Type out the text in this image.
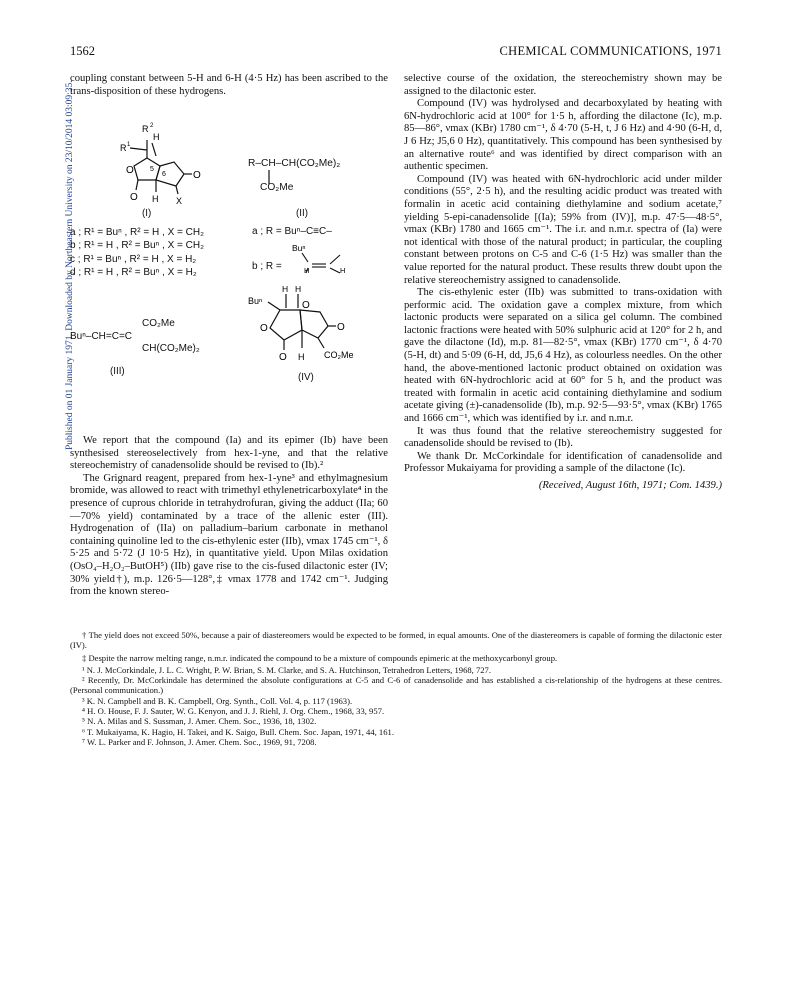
1562	CHEMICAL COMMUNICATIONS, 1971
Published on 01 January 1971. Downloaded by Northeastern University on 23/10/2014 03:09:35.
coupling constant between 5-H and 6-H (4·5 Hz) has been ascribed to the trans-disposition of these hydrogens.
R 2
H
R 1
O 5
6	O
O H X
(I)
R–CH–CH(CO₂Me)₂
CO₂Me
(II)
a ; R¹ = Buⁿ , R² = H , X = CH₂
b ; R¹ = H , R² = Buⁿ , X = CH₂
c ; R¹ = Buⁿ , R² = H , X = H₂
d ; R¹ = H , R² = Buⁿ , X = H₂
a ; R = Buⁿ–C≡C–
b ; R =
Buⁿ
H	H
Buⁿ–CH=C=C
CO₂Me
CH(CO₂Me)₂
(III)
Buⁿ
H H
O
O
O
O H CO₂Me
(IV)

We report that the compound (Ia) and its epimer (Ib) have been synthesised stereoselectively from hex-1-yne, and that the relative stereochemistry of canadensolide should be revised to (Ib).²

The Grignard reagent, prepared from hex-1-yne³ and ethylmagnesium bromide, was allowed to react with trimethyl ethylenetricarboxylate⁴ in the presence of cuprous chloride in tetrahydrofuran, giving the adduct (IIa; 60—70% yield) contaminated by a trace of the allenic ester (III). Hydrogenation of (IIa) on palladium–barium carbonate in methanol containing quinoline led to the cis-ethylenic ester (IIb), νmax 1745 cm⁻¹, δ 5·25 and 5·72 (J 10·5 Hz), in quantitative yield. Upon Milas oxidation (OsO₄–H₂O₂–ButOH⁵) (IIb) gave rise to the cis-fused dilactonic ester (IV; 30% yield†), m.p. 126·5—128°,‡ νmax 1778 and 1742 cm⁻¹. Judging from the known stereo-

selective course of the oxidation, the stereochemistry shown may be assigned to the dilactonic ester.

Compound (IV) was hydrolysed and decarboxylated by heating with 6N-hydrochloric acid at 100° for 1·5 h, affording the dilactone (Ic), m.p. 85—86°, νmax (KBr) 1780 cm⁻¹, δ 4·70 (5-H, t, J 6 Hz) and 4·90 (6-H, d, J 6 Hz; J5,6 0 Hz), quantitatively. This compound has been synthesised by an alternative route⁶ and was identified by direct comparison with an authentic specimen.

Compound (IV) was heated with 6N-hydrochloric acid under milder conditions (55°, 2·5 h), and the resulting acidic product was treated with formalin in acetic acid containing diethylamine and sodium acetate,⁷ yielding 5-epi-canadensolide [(Ia); 59% from (IV)], m.p. 47·5—48·5°, νmax (KBr) 1780 and 1665 cm⁻¹. The i.r. and n.m.r. spectra of (Ia) were not identical with those of the natural product; in particular, the coupling constant between protons on C-5 and C-6 (1·5 Hz) was smaller than the value reported for the natural product. These results threw doubt upon the relative stereochemistry assigned to canadensolide.

The cis-ethylenic ester (IIb) was submitted to trans-oxidation with performic acid. The oxidation gave a complex mixture, from which lactonic products were separated on a silica gel column. The combined lactonic fractions were heated with 50% sulphuric acid at 120° for 2 h, and gave the dilactone (Id), m.p. 81—82·5°, νmax (KBr) 1770 cm⁻¹, δ 4·70 (5-H, dt) and 5·09 (6-H, dd, J5,6 4 Hz), as colourless needles. On the other hand, the above-mentioned lactonic product obtained on oxidation was heated with 6N-hydrochloric acid at 60° for 5 h, and the product was treated with formalin in acetic acid containing diethylamine and sodium acetate giving (±)-canadensolide (Ib), m.p. 92·5—93·5°, νmax (KBr) 1765 and 1666 cm⁻¹, which was identified by i.r. and n.m.r.

It was thus found that the relative stereochemistry suggested for canadensolide should be revised to (Ib).

We thank Dr. McCorkindale for identification of canadensolide and Professor Mukaiyama for providing a sample of the dilactone (Ic).

(Received, August 16th, 1971; Com. 1439.)

† The yield does not exceed 50%, because a pair of diastereomers would be expected to be formed, in equal amounts. One of the diastereomers is capable of forming the dilactonic ester (IV).

‡ Despite the narrow melting range, n.m.r. indicated the compound to be a mixture of compounds epimeric at the methoxycarbonyl group.

¹ N. J. McCorkindale, J. L. C. Wright, P. W. Brian, S. M. Clarke, and S. A. Hutchinson, Tetrahedron Letters, 1968, 727.

² Recently, Dr. McCorkindale has determined the absolute configurations at C-5 and C-6 of canadensolide and has established a cis-relationship of the hydrogens at these centres. (Personal communication.)

³ K. N. Campbell and B. K. Campbell, Org. Synth., Coll. Vol. 4, p. 117 (1963).

⁴ H. O. House, F. J. Sauter, W. G. Kenyon, and J. J. Riehl, J. Org. Chem., 1968, 33, 957.

⁵ N. A. Milas and S. Sussman, J. Amer. Chem. Soc., 1936, 18, 1302.

⁶ T. Mukaiyama, K. Hagio, H. Takei, and K. Saigo, Bull. Chem. Soc. Japan, 1971, 44, 161.

⁷ W. L. Parker and F. Johnson, J. Amer. Chem. Soc., 1969, 91, 7208.
